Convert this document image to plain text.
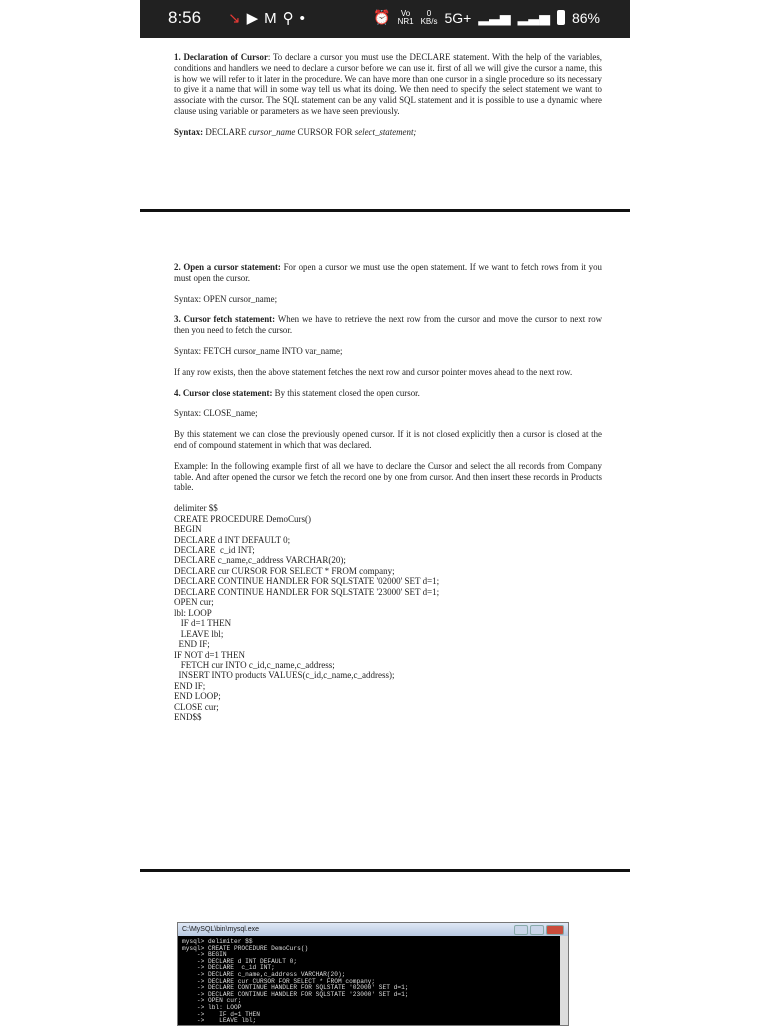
8:56 ↘ ▶ M ⚲ •	⏰	Vo
NR1
0
KB/s 5G+ ▂▃▅ ▂▃▅ 86%

1. Declaration of Cursor: To declare a cursor you must use the DECLARE statement. With the help of the variables, conditions and handlers we need to declare a cursor before we can use it. first of all we will give the cursor a name, this is how we will refer to it later in the procedure. We can have more than one cursor in a single procedure so its necessary to give it a name that will in some way tell us what its doing. We then need to specify the select statement we want to associate with the cursor. The SQL statement can be any valid SQL statement and it is possible to use a dynamic where clause using variable or parameters as we have seen previously.

Syntax: DECLARE cursor_name CURSOR FOR select_statement;

2. Open a cursor statement: For open a cursor we must use the open statement. If we want to fetch rows from it you must open the cursor.

Syntax: OPEN cursor_name;

3. Cursor fetch statement: When we have to retrieve the next row from the cursor and move the cursor to next row then you need to fetch the cursor.

Syntax: FETCH cursor_name INTO var_name;

If any row exists, then the above statement fetches the next row and cursor pointer moves ahead to the next row.

4. Cursor close statement: By this statement closed the open cursor.

Syntax: CLOSE_name;

By this statement we can close the previously opened cursor. If it is not closed explicitly then a cursor is closed at the end of compound statement in which that was declared.

Example: In the following example first of all we have to declare the Cursor and select the all records from Company table. And after opened the cursor we fetch the record one by one from cursor. And then insert these records in Products table.

delimiter $$
CREATE PROCEDURE DemoCurs()
BEGIN
DECLARE d INT DEFAULT 0;
DECLARE  c_id INT;
DECLARE c_name,c_address VARCHAR(20);
DECLARE cur CURSOR FOR SELECT * FROM company;
DECLARE CONTINUE HANDLER FOR SQLSTATE '02000' SET d=1;
DECLARE CONTINUE HANDLER FOR SQLSTATE '23000' SET d=1;
OPEN cur;
lbl: LOOP
IF d=1 THEN
LEAVE lbl;
END IF;
IF NOT d=1 THEN
FETCH cur INTO c_id,c_name,c_address;
INSERT INTO products VALUES(c_id,c_name,c_address);
END IF;
END LOOP;
CLOSE cur;
END$$
C:\MySQL\bin\mysql.exe
mysql> delimiter $$
mysql> CREATE PROCEDURE DemoCurs()
-> BEGIN
-> DECLARE d INT DEFAULT 0;
-> DECLARE  c_id INT;
-> DECLARE c_name,c_address VARCHAR(20);
-> DECLARE cur CURSOR FOR SELECT * FROM company;
-> DECLARE CONTINUE HANDLER FOR SQLSTATE '02000' SET d=1;
-> DECLARE CONTINUE HANDLER FOR SQLSTATE '23000' SET d=1;
-> OPEN cur;
-> lbl: LOOP
->    IF d=1 THEN
->    LEAVE lbl;
